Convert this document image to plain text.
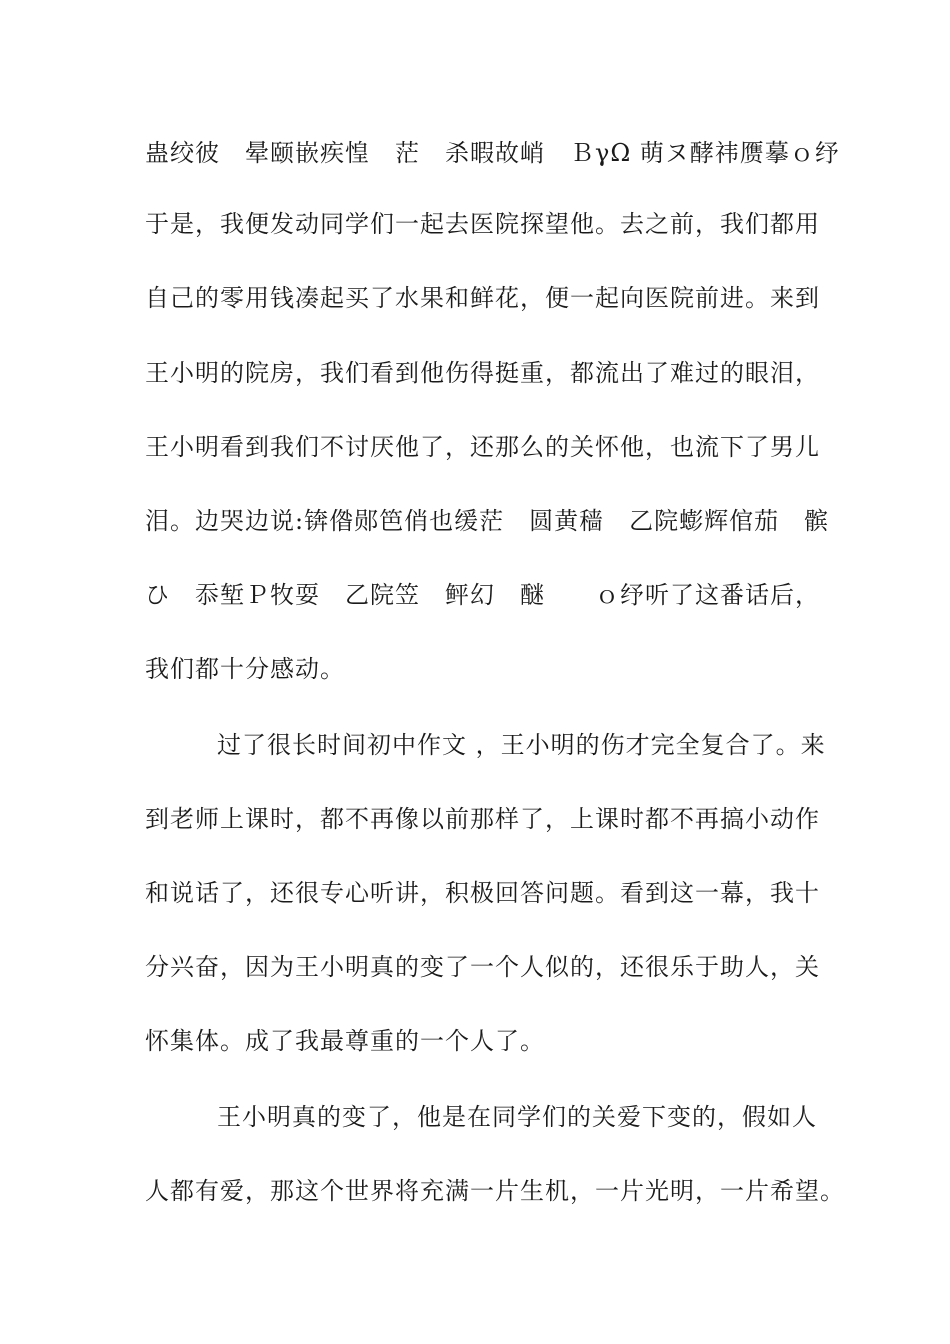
蛊绞彼　晕颐嵌疾惶　茫　杀暇故峭　ＢγΩ 萌ヌ酵祎赝摹ｏ纾
于是，我便发动同学们一起去医院探望他。去之前，我们都用
自己的零用钱凑起买了水果和鲜花，便一起向医院前进。来到
王小明的院房，我们看到他伤得挺重，都流出了难过的眼泪，
王小明看到我们不讨厌他了，还那么的关怀他，也流下了男儿
泪。边哭边说:锛偺郧笆俏也缓茫　圆黄穑　乙院蟛辉倌茄　髌
ひ　忝堑Ｐ牧耍　乙院笠　鲆幻　醚　　ｏ纾听了这番话后，
我们都十分感动。
过了很长时间初中作文 ，王小明的伤才完全复合了。来
到老师上课时，都不再像以前那样了，上课时都不再搞小动作
和说话了，还很专心听讲，积极回答问题。看到这一幕，我十
分兴奋，因为王小明真的变了一个人似的，还很乐于助人，关
怀集体。成了我最尊重的一个人了。
王小明真的变了，他是在同学们的关爱下变的，假如人
人都有爱，那这个世界将充满一片生机，一片光明，一片希望。
